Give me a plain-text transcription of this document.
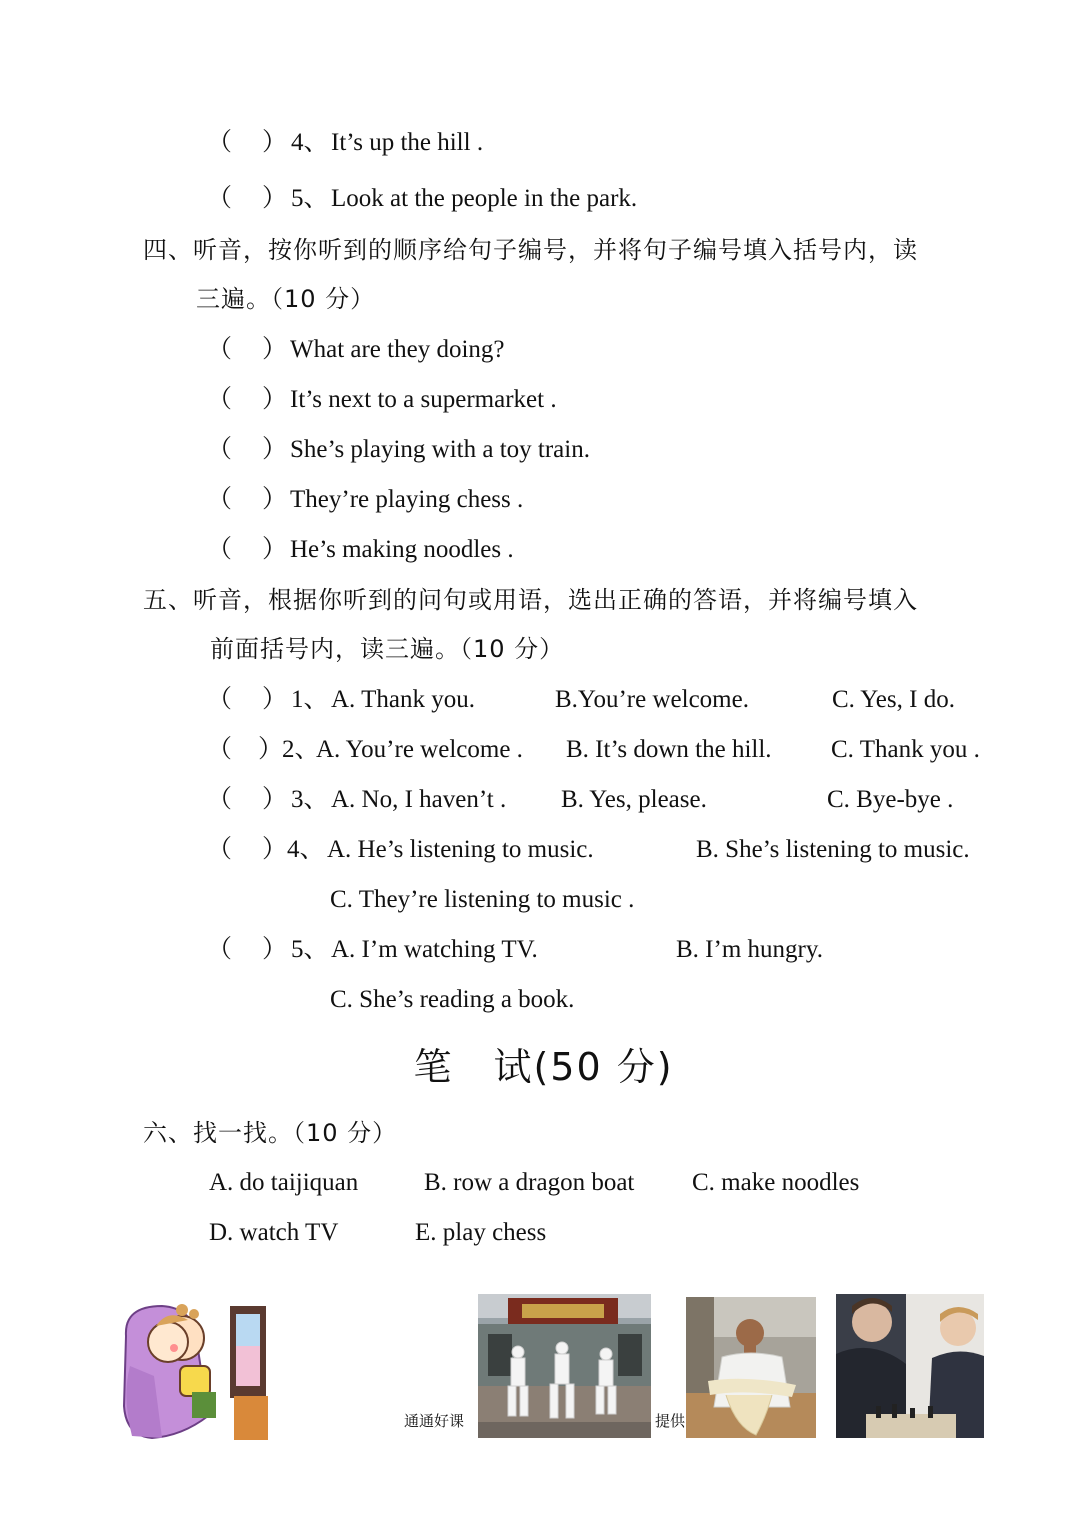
（ ） 4、 It’s up the hill .
（ ） 5、 Look at the people in the park.
四、听音，按你听到的顺序给句子编号，并将句子编号填入括号内，读
三遍。（10 分）
（ ） What are they doing?
（ ） It’s next to a supermarket .
（ ） She’s playing with a toy train.
（ ） They’re playing chess .
（ ） He’s making noodles .
五、听音，根据你听到的问句或用语，选出正确的答语，并将编号填入
前面括号内，读三遍。（10 分）
（ ） 1、 A. Thank you.	B.You’re welcome.	C. Yes, I do.
（ ）
2、
A. You’re welcome . B. It’s down the hill. C. Thank you .
（ ） 3、 A. No, I haven’t . B. Yes, please.	C. Bye-bye .
（ ） 4、 A. He’s listening to music.	B. She’s listening to music.
C. They’re listening to music .
（ ） 5、 A. I’m watching TV.	B. I’m hungry.
C. She’s reading a book.
笔　试(50 分)
六、找一找。（10 分）
A. do taijiquan	B. row a dragon boat C. make noodles
D. watch TV	E. play chess
通通好课	提供
